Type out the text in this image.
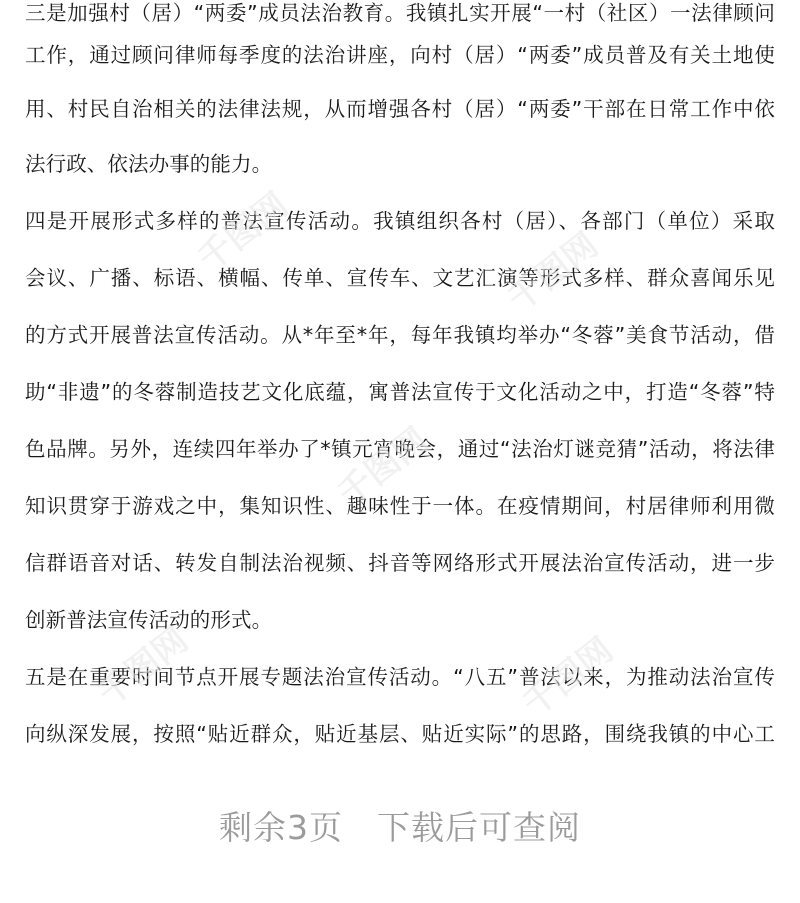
三是加强村（居）“两委”成员法治教育。我镇扎实开展“一村（社区）一法律顾问
工作，通过顾问律师每季度的法治讲座，向村（居）“两委”成员普及有关土地使
用、村民自治相关的法律法规，从而增强各村（居）“两委”干部在日常工作中依
法行政、依法办事的能力。
四是开展形式多样的普法宣传活动。我镇组织各村（居）、各部门（单位）采取
会议、广播、标语、横幅、传单、宣传车、文艺汇演等形式多样、群众喜闻乐见
的方式开展普法宣传活动。从*年至*年，每年我镇均举办“冬蓉”美食节活动，借
助“非遗”的冬蓉制造技艺文化底蕴，寓普法宣传于文化活动之中，打造“冬蓉”特
色品牌。另外，连续四年举办了*镇元宵晚会，通过“法治灯谜竞猜”活动，将法律
知识贯穿于游戏之中，集知识性、趣味性于一体。在疫情期间，村居律师利用微
信群语音对话、转发自制法治视频、抖音等网络形式开展法治宣传活动，进一步
创新普法宣传活动的形式。
五是在重要时间节点开展专题法治宣传活动。“八五”普法以来，为推动法治宣传
向纵深发展，按照“贴近群众，贴近基层、贴近实际”的思路，围绕我镇的中心工
千图网	千图网
千图网
千图网	千图网
剩余3页 下载后可查阅
